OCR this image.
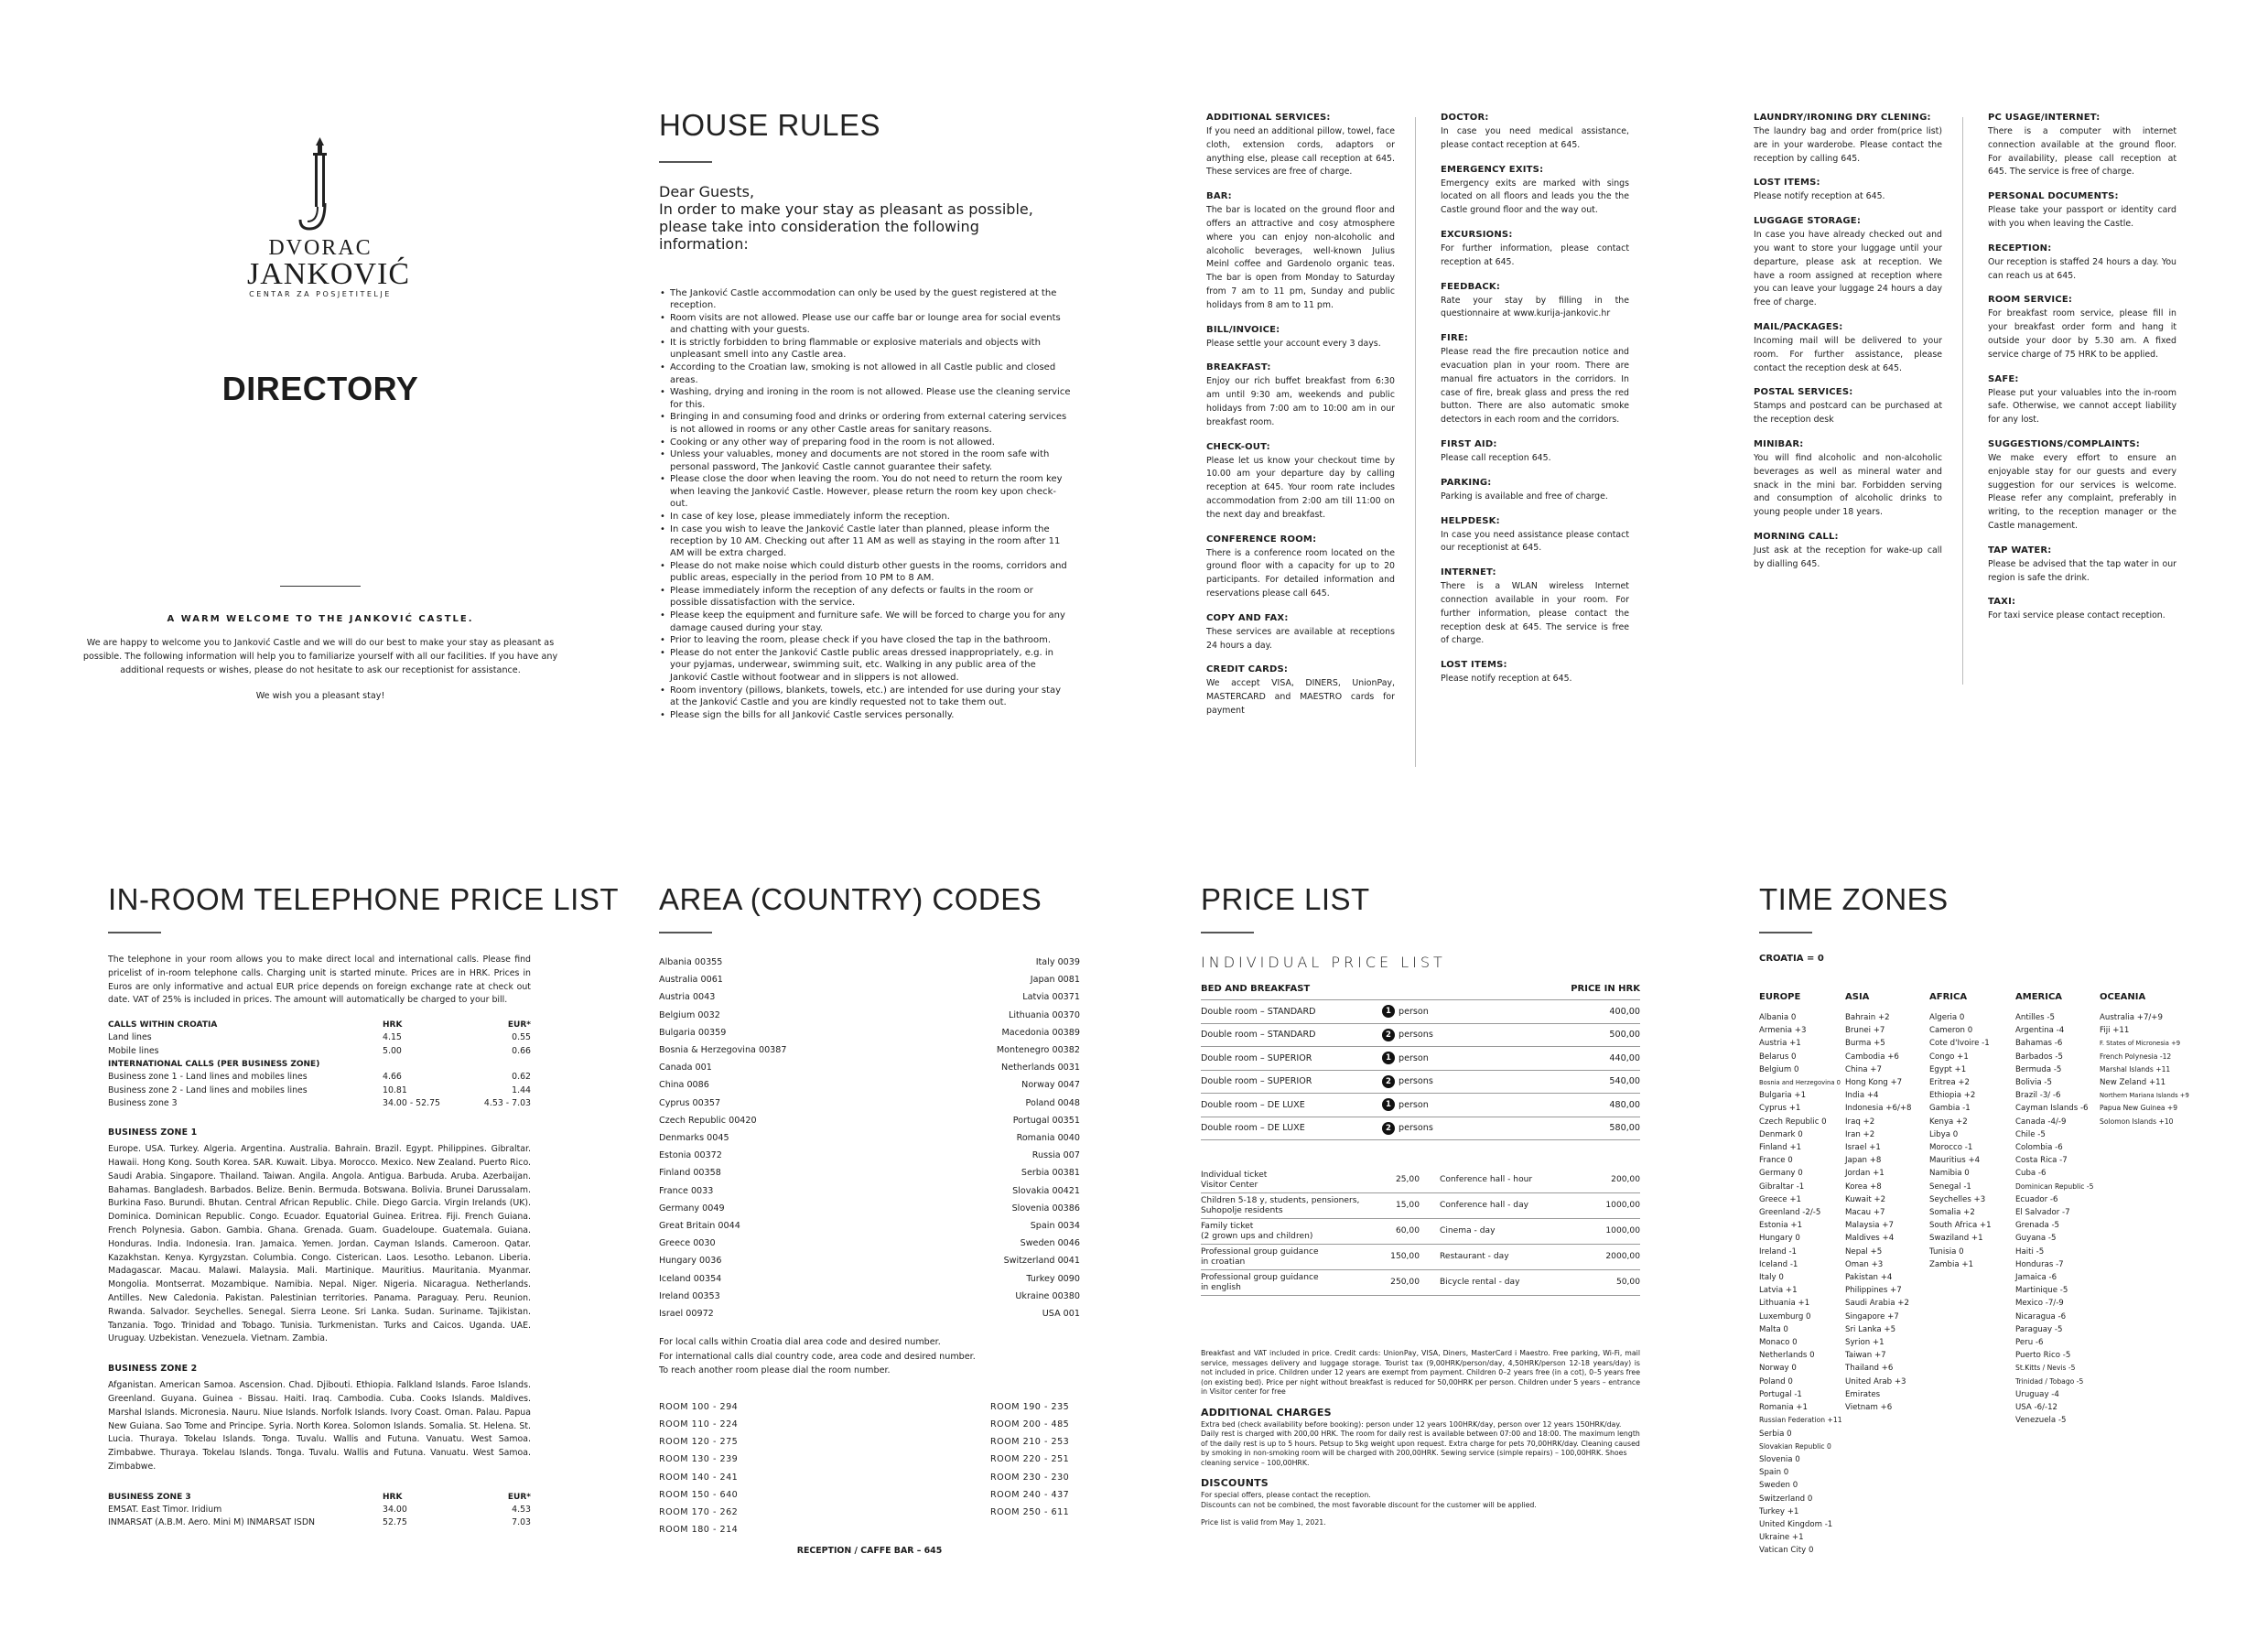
DVORAC
JANKOVIĆ
CENTAR ZA POSJETITELJE
DIRECTORY
A WARM WELCOME TO THE JANKOVIĆ CASTLE.
We are happy to welcome you to Janković Castle and we will do our best to make your stay as pleasant as possible. The following information will help you to familiarize yourself with all our facilities. If you have any additional requests or wishes, please do not hesitate to ask our receptionist for assistance.
We wish you a pleasant stay!
HOUSE RULES
Dear Guests,
In order to make your stay as pleasant as possible,
please take into consideration the following information:
• The Janković Castle accommodation can only be used by the guest registered at the reception.
• Room visits are not allowed. Please use our caffe bar or lounge area for social events and chatting with your guests.
• It is strictly forbidden to bring flammable or explosive materials and objects with unpleasant smell into any Castle area.
• According to the Croatian law, smoking is not allowed in all Castle public and closed areas.
• Washing, drying and ironing in the room is not allowed. Please use the cleaning service for this.
• Bringing in and consuming food and drinks or ordering from external catering services is not allowed in rooms or any other Castle areas for sanitary reasons.
• Cooking or any other way of preparing food in the room is not allowed.
• Unless your valuables, money and documents are not stored in the room safe with personal password, The Janković Castle cannot guarantee their safety.
• Please close the door when leaving the room. You do not need to return the room key when leaving the Janković Castle. However, please return the room key upon check-out.
• In case of key lose, please immediately inform the reception.
• In case you wish to leave the Janković Castle later than planned, please inform the reception by 10 AM. Checking out after 11 AM as well as staying in the room after 11 AM will be extra charged.
• Please do not make noise which could disturb other guests in the rooms, corridors and public areas, especially in the period from 10 PM to 8 AM.
• Please immediately inform the reception of any defects or faults in the room or possible dissatisfaction with the service.
• Please keep the equipment and furniture safe. We will be forced to charge you for any damage caused during your stay.
• Prior to leaving the room, please check if you have closed the tap in the bathroom.
• Please do not enter the Janković Castle public areas dressed inappropriately, e.g. in your pyjamas, underwear, swimming suit, etc. Walking in any public area of the Janković Castle without footwear and in slippers is not allowed.
• Room inventory (pillows, blankets, towels, etc.) are intended for use during your stay at the Janković Castle and you are kindly requested not to take them out.
• Please sign the bills for all Janković Castle services personally.
ADDITIONAL SERVICES:
If you need an additional pillow, towel, face cloth, extension cords, adaptors or anything else, please call reception at 645. These services are free of charge.
BAR:
The bar is located on the ground floor and offers an attractive and cosy atmosphere where you can enjoy non-alcoholic and alcoholic beverages, well-known Julius Meinl coffee and Gardenolo organic teas. The bar is open from Monday to Saturday from 7 am to 11 pm, Sunday and public holidays from 8 am to 11 pm.
BILL/INVOICE:
Please settle your account every 3 days.
BREAKFAST:
Enjoy our rich buffet breakfast from 6:30 am until 9:30 am, weekends and public holidays from 7:00 am to 10:00 am in our breakfast room.
CHECK-OUT:
Please let us know your checkout time by 10.00 am your departure day by calling reception at 645. Your room rate includes accommodation from 2:00 am till 11:00 on the next day and breakfast.
CONFERENCE ROOM:
There is a conference room located on the ground floor with a capacity for up to 20 participants. For detailed information and reservations please call 645.
COPY AND FAX:
These services are available at receptions 24 hours a day.
CREDIT CARDS:
We accept VISA, DINERS, UnionPay, MASTERCARD and MAESTRO cards for payment
DOCTOR:
In case you need medical assistance, please contact reception at 645.
EMERGENCY EXITS:
Emergency exits are marked with sings located on all floors and leads you the the Castle ground floor and the way out.
EXCURSIONS:
For further information, please contact reception at 645.
FEEDBACK:
Rate your stay by filling in the questionnaire at www.kurija-jankovic.hr
FIRE:
Please read the fire precaution notice and evacuation plan in your room. There are manual fire actuators in the corridors. In case of fire, break glass and press the red button. There are also automatic smoke detectors in each room and the corridors.
FIRST AID:
Please call reception 645.
PARKING:
Parking is available and free of charge.
HELPDESK:
In case you need assistance please contact our receptionist at 645.
INTERNET:
There is a WLAN wireless Internet connection available in your room. For further information, please contact the reception desk at 645. The service is free of charge.
LOST ITEMS:
Please notify reception at 645.
LAUNDRY/IRONING DRY CLENING:
The laundry bag and order from(price list) are in your warderobe. Please contact the reception by calling 645.
LOST ITEMS:
Please notify reception at 645.
LUGGAGE STORAGE:
In case you have already checked out and you want to store your luggage until your departure, please ask at reception. We have a room assigned at reception where you can leave your luggage 24 hours a day free of charge.
MAIL/PACKAGES:
Incoming mail will be delivered to your room. For further assistance, please contact the reception desk at 645.
POSTAL SERVICES:
Stamps and postcard can be purchased at the reception desk
MINIBAR:
You will find alcoholic and non-alcoholic beverages as well as mineral water and snack in the mini bar. Forbidden serving and consumption of alcoholic drinks to young people under 18 years.
MORNING CALL:
Just ask at the reception for wake-up call by dialling 645.
PC USAGE/INTERNET:
There is a computer with internet connection available at the ground floor. For availability, please call reception at 645. The service is free of charge.
PERSONAL DOCUMENTS:
Please take your passport or identity card with you when leaving the Castle.
RECEPTION:
Our reception is staffed 24 hours a day. You can reach us at 645.
ROOM SERVICE:
For breakfast room service, please fill in your breakfast order form and hang it outside your door by 5.30 am. A fixed service charge of 75 HRK to be applied.
SAFE:
Please put your valuables into the in-room safe. Otherwise, we cannot accept liability for any lost.
SUGGESTIONS/COMPLAINTS:
We make every effort to ensure an enjoyable stay for our guests and every suggestion for our services is welcome. Please refer any complaint, preferably in writing, to the reception manager or the Castle management.
TAP WATER:
Please be advised that the tap water in our region is safe the drink.
TAXI:
For taxi service please contact reception.
IN-ROOM TELEPHONE PRICE LIST
The telephone in your room allows you to make direct local and international calls. Please find pricelist of in-room telephone calls. Charging unit is started minute. Prices are in HRK. Prices in Euros are only informative and actual EUR price depends on foreign exchange rate at check out date. VAT of 25% is included in prices. The amount will automatically be charged to your bill.
CALLS WITHIN CROATIA	HRK	EUR*
Land lines	4.15	0.55
Mobile lines	5.00	0.66
INTERNATIONAL CALLS (PER BUSINESS ZONE)
Business zone 1 - Land lines and mobiles lines	4.66	0.62
Business zone 2 - Land lines and mobiles lines	10.81	1.44
Business zone 3	34.00 - 52.75	4.53 - 7.03
BUSINESS ZONE 1
Europe. USA. Turkey. Algeria. Argentina. Australia. Bahrain. Brazil. Egypt. Philippines. Gibraltar. Hawaii. Hong Kong. South Korea. SAR. Kuwait. Libya. Morocco. Mexico. New Zealand. Puerto Rico. Saudi Arabia. Singapore. Thailand. Taiwan. Angila. Angola. Antigua. Barbuda. Aruba. Azerbaijan. Bahamas. Bangladesh. Barbados. Belize. Benin. Bermuda. Botswana. Bolivia. Brunei Darussalam. Burkina Faso. Burundi. Bhutan. Central African Republic. Chile. Diego Garcia. Virgin Irelands (UK). Dominica. Dominican Republic. Congo. Ecuador. Equatorial Guinea. Eritrea. Fiji. French Guiana. French Polynesia. Gabon. Gambia. Ghana. Grenada. Guam. Guadeloupe. Guatemala. Guiana. Honduras. India. Indonesia. Iran. Jamaica. Yemen. Jordan. Cayman Islands. Cameroon. Qatar. Kazakhstan. Kenya. Kyrgyzstan. Columbia. Congo. Cisterican. Laos. Lesotho. Lebanon. Liberia. Madagascar. Macau. Malawi. Malaysia. Mali. Martinique. Mauritius. Mauritania. Myanmar. Mongolia. Montserrat. Mozambique. Namibia. Nepal. Niger. Nigeria. Nicaragua. Netherlands. Antilles. New Caledonia. Pakistan. Palestinian territories. Panama. Paraguay. Peru. Reunion. Rwanda. Salvador. Seychelles. Senegal. Sierra Leone. Sri Lanka. Sudan. Suriname. Tajikistan. Tanzania. Togo. Trinidad and Tobago. Tunisia. Turkmenistan. Turks and Caicos. Uganda. UAE. Uruguay. Uzbekistan. Venezuela. Vietnam. Zambia.
BUSINESS ZONE 2
Afganistan. American Samoa. Ascension. Chad. Djibouti. Ethiopia. Falkland Islands. Faroe Islands. Greenland. Guyana. Guinea - Bissau. Haiti. Iraq. Cambodia. Cuba. Cooks Islands. Maldives. Marshal Islands. Micronesia. Nauru. Niue Islands. Norfolk Islands. Ivory Coast. Oman. Palau. Papua New Guiana. Sao Tome and Principe. Syria. North Korea. Solomon Islands. Somalia. St. Helena. St. Lucia. Thuraya. Tokelau Islands. Tonga. Tuvalu. Wallis and Futuna. Vanuatu. West Samoa. Zimbabwe. Thuraya. Tokelau Islands. Tonga. Tuvalu. Wallis and Futuna. Vanuatu. West Samoa. Zimbabwe.
BUSINESS ZONE 3	HRK	EUR*
EMSAT. East Timor. Iridium	34.00	4.53
INMARSAT (A.B.M. Aero. Mini M) INMARSAT ISDN	52.75	7.03
AREA (COUNTRY) CODES
Albania 00355
Australia 0061
Austria 0043
Belgium 0032
Bulgaria 00359
Bosnia & Herzegovina 00387
Canada 001
China 0086
Cyprus 00357
Czech Republic 00420
Denmarks 0045
Estonia 00372
Finland 00358
France 0033
Germany 0049
Great Britain 0044
Greece 0030
Hungary 0036
Iceland 00354
Ireland 00353
Israel 00972
Italy 0039
Japan 0081
Latvia 00371
Lithuania 00370
Macedonia 00389
Montenegro 00382
Netherlands 0031
Norway 0047
Poland 0048
Portugal 00351
Romania 0040
Russia 007
Serbia 00381
Slovakia 00421
Slovenia 00386
Spain 0034
Sweden 0046
Switzerland 0041
Turkey 0090
Ukraine 00380
USA 001
For local calls within Croatia dial area code and desired number.
For international calls dial country code, area code and desired number.
To reach another room please dial the room number.
ROOM 100 - 294
ROOM 110 - 224
ROOM 120 - 275
ROOM 130 - 239
ROOM 140 - 241
ROOM 150 - 640
ROOM 170 - 262
ROOM 180 - 214
ROOM 190 - 235
ROOM 200 - 485
ROOM 210 - 253
ROOM 220 - 251
ROOM 230 - 230
ROOM 240 - 437
ROOM 250 - 611
RECEPTION / CAFFE BAR – 645
PRICE LIST
INDIVIDUAL PRICE LIST
BED AND BREAKFAST	PRICE IN HRK
Double room – STANDARD	1 person	400,00
Double room – STANDARD	2 persons	500,00
Double room – SUPERIOR	1 person	440,00
Double room – SUPERIOR	2 persons	540,00
Double room – DE LUXE	1 person	480,00
Double room – DE LUXE	2 persons	580,00
Individual ticket
Visitor Center
25,00	Conference hall - hour	200,00
Children 5-18 y, students, pensioners,
Suhopolje residents
15,00	Conference hall - day	1000,00
Family ticket
(2 grown ups and children)
60,00	Cinema - day	1000,00
Professional group guidance
in croatian
150,00	Restaurant - day	2000,00
Professional group guidance
in english
250,00	Bicycle rental - day	50,00
Breakfast and VAT included in price. Credit cards: UnionPay, VISA, Diners, MasterCard i Maestro. Free parking, Wi-Fi, mail service, messages delivery and luggage storage. Tourist tax (9,00HRK/person/day, 4,50HRK/person 12-18 years/day) is not included in price. Children under 12 years are exempt from payment. Children 0–2 years free (in a cot), 0–5 years free (on existing bed). Price per night without breakfast is reduced for 50,00HRK per person. Children under 5 years – entrance in Visitor center for free
ADDITIONAL CHARGES
Extra bed (check availability before booking): person under 12 years 100HRK/day, person over 12 years 150HRK/day. Daily rest is charged with 200,00 HRK. The room for daily rest is available between 07:00 and 18:00. The maximum length of the daily rest is up to 5 hours. Petsup to 5kg weight upon request. Extra charge for pets 70,00HRK/day. Cleaning caused by smoking in non-smoking room will be charged with 200,00HRK. Sewing service (simple repairs) – 100,00HRK. Shoes cleaning service – 100,00HRK.
DISCOUNTS
For special offers, please contact the reception.
Discounts can not be combined, the most favorable discount for the customer will be applied.
Price list is valid from May 1, 2021.
TIME ZONES
CROATIA = 0
EUROPE
Albania 0
Armenia +3
Austria +1
Belarus 0
Belgium 0
Bosnia and Herzegovina 0
Bulgaria +1
Cyprus +1
Czech Republic 0
Denmark 0
Finland +1
France 0
Germany 0
Gibraltar -1
Greece +1
Greenland -2/-5
Estonia +1
Hungary 0
Ireland -1
Iceland -1
Italy 0
Latvia +1
Lithuania +1
Luxemburg 0
Malta 0
Monaco 0
Netherlands 0
Norway 0
Poland 0
Portugal -1
Romania +1
Russian Federation +11
Serbia 0
Slovakian Republic 0
Slovenia 0
Spain 0
Sweden 0
Switzerland 0
Turkey +1
United Kingdom -1
Ukraine +1
Vatican City 0
ASIA
Bahrain +2
Brunei +7
Burma +5
Cambodia +6
China +7
Hong Kong +7
India +4
Indonesia +6/+8
Iraq +2
Iran +2
Israel +1
Japan +8
Jordan +1
Korea +8
Kuwait +2
Macau +7
Malaysia +7
Maldives +4
Nepal +5
Oman +3
Pakistan +4
Philippines +7
Saudi Arabia +2
Singapore +7
Sri Lanka +5
Syrion +1
Taiwan +7
Thailand +6
United Arab +3
Emirates
Vietnam +6
AFRICA
Algeria 0
Cameron 0
Cote d'Ivoire -1
Congo +1
Egypt +1
Eritrea +2
Ethiopia +2
Gambia -1
Kenya +2
Libya 0
Morocco -1
Mauritius +4
Namibia 0
Senegal -1
Seychelles +3
Somalia +2
South Africa +1
Swaziland +1
Tunisia 0
Zambia +1
AMERICA
Antilles -5
Argentina -4
Bahamas -6
Barbados -5
Bermuda -5
Bolivia -5
Brazil -3/ -6
Cayman Islands -6
Canada -4/-9
Chile -5
Colombia -6
Costa Rica -7
Cuba -6
Dominican Republic -5
Ecuador -6
El Salvador -7
Grenada -5
Guyana -5
Haiti -5
Honduras -7
Jamaica -6
Martinique -5
Mexico -7/-9
Nicaragua -6
Paraguay -5
Peru -6
Puerto Rico -5
St.Kitts / Nevis -5
Trinidad / Tobago -5
Uruguay -4
USA -6/-12
Venezuela -5
OCEANIA
Australia +7/+9
Fiji +11
F. States of Micronesia +9
French Polynesia -12
Marshal Islands +11
New Zeland +11
Northern Mariana Islands +9
Papua New Guinea +9
Solomon Islands +10
